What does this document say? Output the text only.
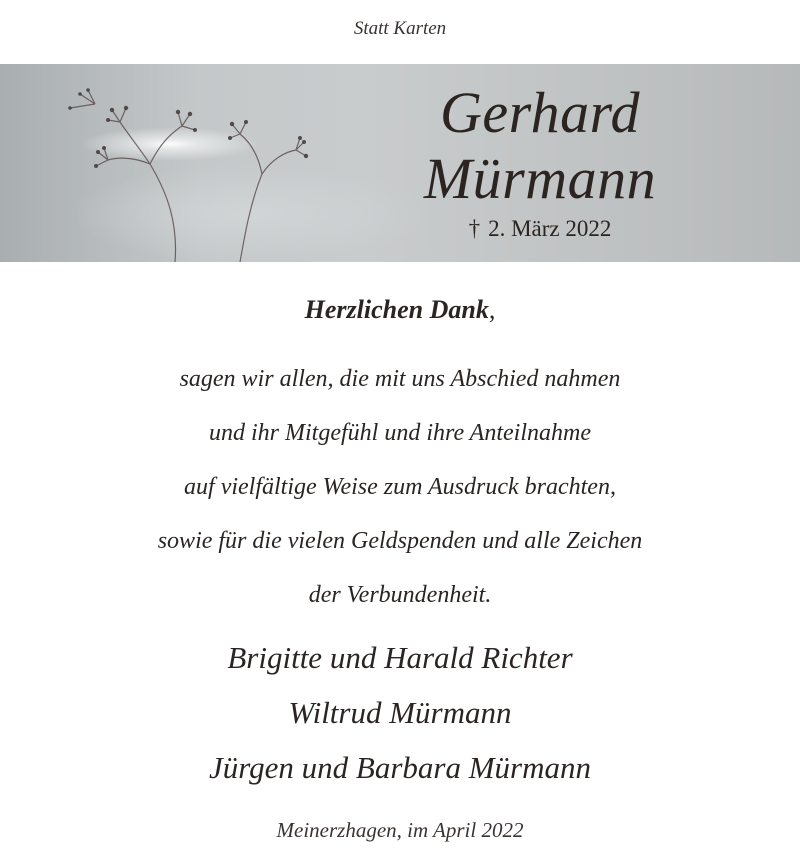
Statt Karten
Gerhard
Mürmann
† 2. März 2022
Herzlichen Dank,
sagen wir allen, die mit uns Abschied nahmen
und ihr Mitgefühl und ihre Anteilnahme
auf vielfältige Weise zum Ausdruck brachten,
sowie für die vielen Geldspenden und alle Zeichen
der Verbundenheit.
Brigitte und Harald Richter
Wiltrud Mürmann
Jürgen und Barbara Mürmann
Meinerzhagen, im April 2022
